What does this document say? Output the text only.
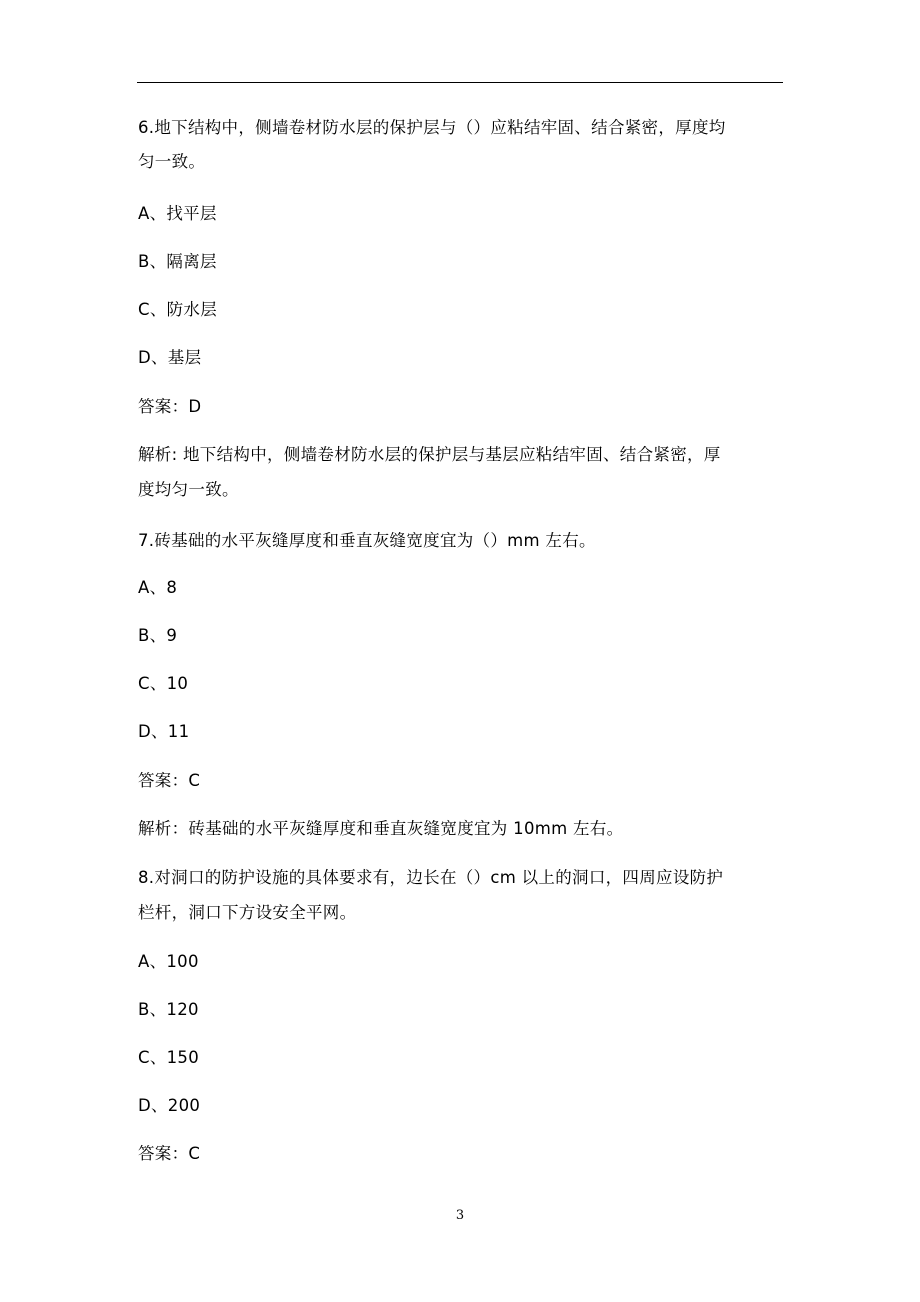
6.地下结构中，侧墙卷材防水层的保护层与（）应粘结牢固、结合紧密，厚度均
匀一致。
A、找平层
B、隔离层
C、防水层
D、基层
答案：D
解析: 地下结构中，侧墙卷材防水层的保护层与基层应粘结牢固、结合紧密，厚
度均匀一致。
7.砖基础的水平灰缝厚度和垂直灰缝宽度宜为（）mm 左右。
A、8
B、9
C、10
D、11
答案：C
解析：砖基础的水平灰缝厚度和垂直灰缝宽度宜为 10mm 左右。
8.对洞口的防护设施的具体要求有，边长在（）cm 以上的洞口，四周应设防护
栏杆，洞口下方设安全平网。
A、100
B、120
C、150
D、200
答案：C
3
